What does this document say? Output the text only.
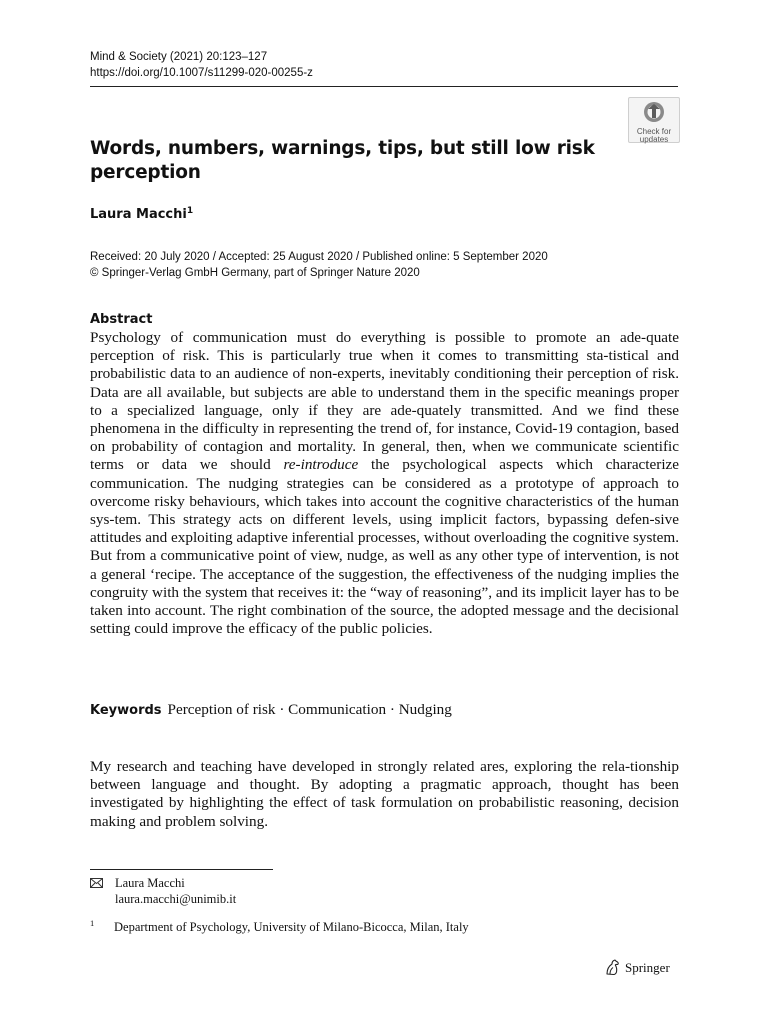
Mind & Society (2021) 20:123–127
https://doi.org/10.1007/s11299-020-00255-z
Check for
updates
Words, numbers, warnings, tips, but still low risk
perception
Laura Macchi$^1$
Received: 20 July 2020 / Accepted: 25 August 2020 / Published online: 5 September 2020
© Springer-Verlag GmbH Germany, part of Springer Nature 2020
Abstract

Psychology of communication must do everything is possible to promote an ade-quate perception of risk. This is particularly true when it comes to transmitting sta-tistical and probabilistic data to an audience of non-experts, inevitably conditioning their perception of risk. Data are all available, but subjects are able to understand them in the specific meanings proper to a specialized language, only if they are ade-quately transmitted. And we find these phenomena in the difficulty in representing the trend of, for instance, Covid-19 contagion, based on probability of contagion and mortality. In general, then, when we communicate scientific terms or data we should re-introduce the psychological aspects which characterize communication. The nudging strategies can be considered as a prototype of approach to overcome risky behaviours, which takes into account the cognitive characteristics of the human sys-tem. This strategy acts on different levels, using implicit factors, bypassing defen-sive attitudes and exploiting adaptive inferential processes, without overloading the cognitive system. But from a communicative point of view, nudge, as well as any other type of intervention, is not a general ‘recipe. The acceptance of the suggestion, the effectiveness of the nudging implies the congruity with the system that receives it: the “way of reasoning”, and its implicit layer has to be taken into account. The right combination of the source, the adopted message and the decisional setting could improve the efficacy of the public policies.

Keywords Perception of risk · Communication · Nudging

My research and teaching have developed in strongly related ares, exploring the rela-tionship between language and thought. By adopting a pragmatic approach, thought has been investigated by highlighting the effect of task formulation on probabilistic reasoning, decision making and problem solving.

Laura Macchi
laura.macchi@unimib.it
1 Department of Psychology, University of Milano-Bicocca, Milan, Italy
Springer
